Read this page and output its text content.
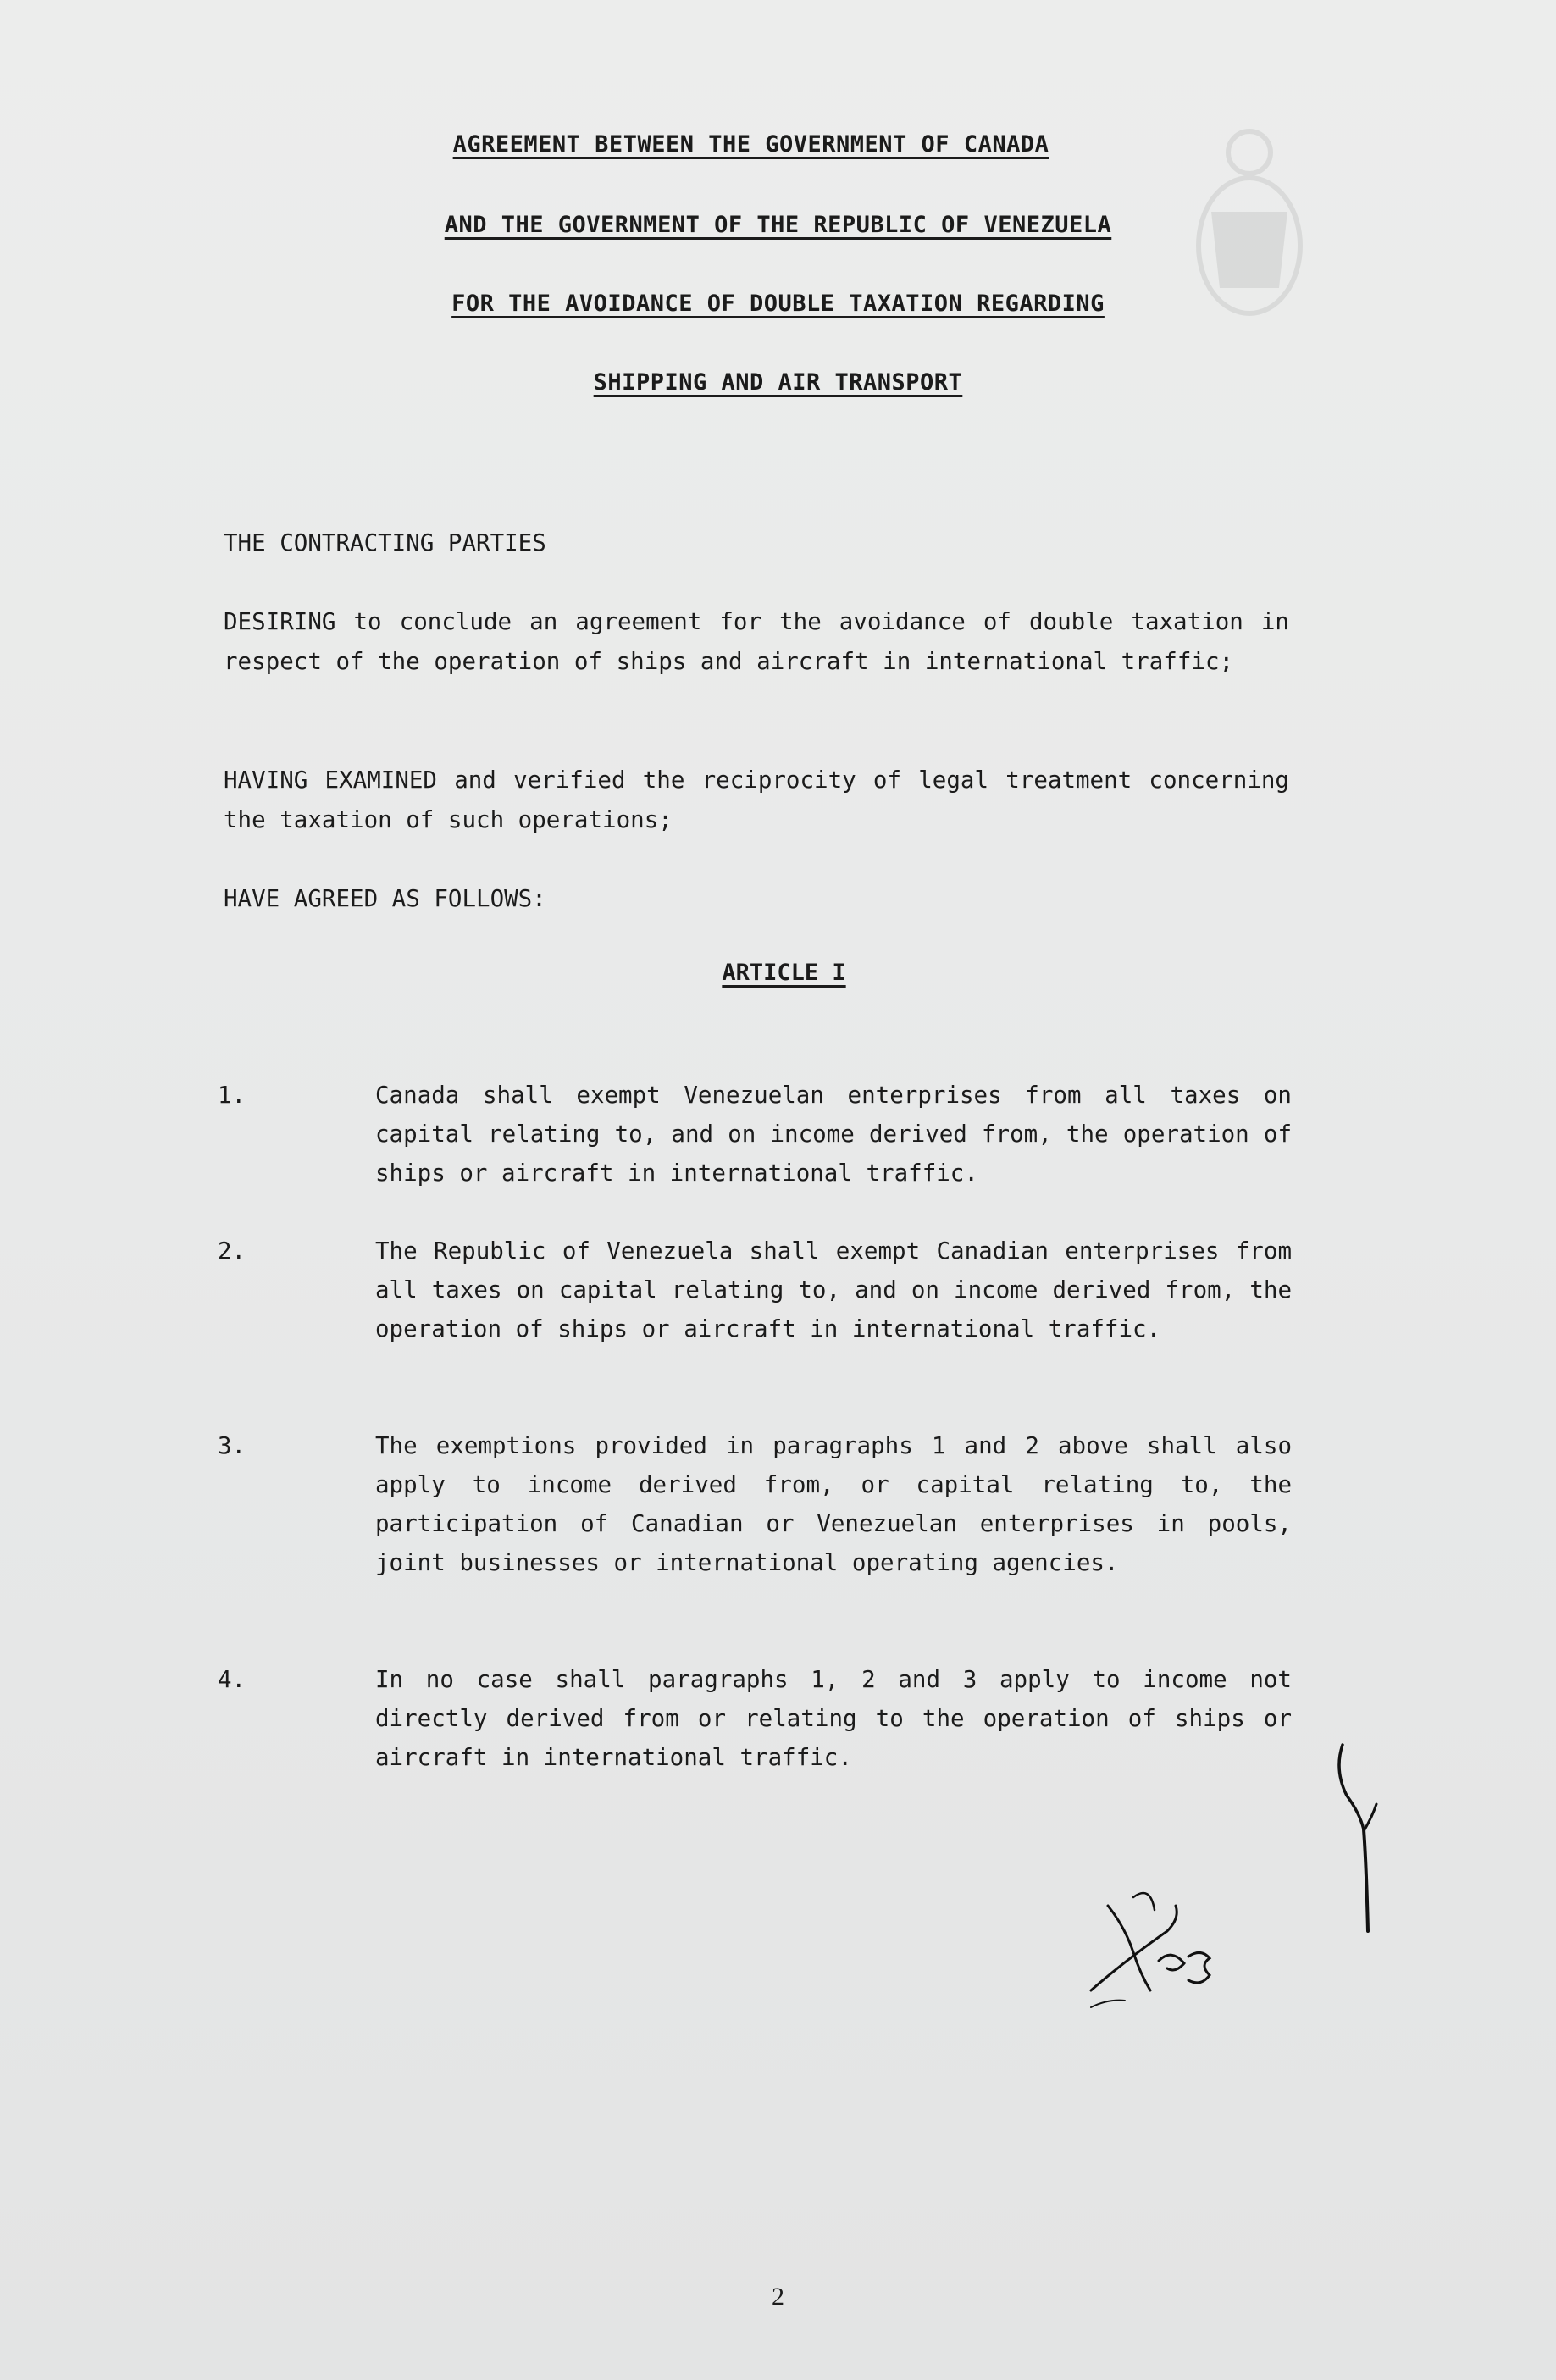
AGREEMENT BETWEEN THE GOVERNMENT OF CANADA
AND THE GOVERNMENT OF THE REPUBLIC OF VENEZUELA
FOR THE AVOIDANCE OF DOUBLE TAXATION REGARDING
SHIPPING AND AIR TRANSPORT
THE CONTRACTING PARTIES
DESIRING to conclude an agreement for the avoidance of double taxation in respect of the operation of ships and aircraft in international traffic;
HAVING EXAMINED and verified the reciprocity of legal treatment concerning the taxation of such operations;
HAVE AGREED AS FOLLOWS:
ARTICLE I
1.	Canada shall exempt Venezuelan enterprises from all taxes on capital relating to, and on income derived from, the operation of ships or aircraft in international traffic.
2.	The Republic of Venezuela shall exempt Canadian enterprises from all taxes on capital relating to, and on income derived from, the operation of ships or aircraft in international traffic.
3.	The exemptions provided in paragraphs 1 and 2 above shall also apply to income derived from, or capital relating to, the participation of Canadian or Venezuelan enterprises in pools, joint businesses or international operating agencies.
4.	In no case shall paragraphs 1, 2 and 3 apply to income not directly derived from or relating to the operation of ships or aircraft in international traffic.
2
